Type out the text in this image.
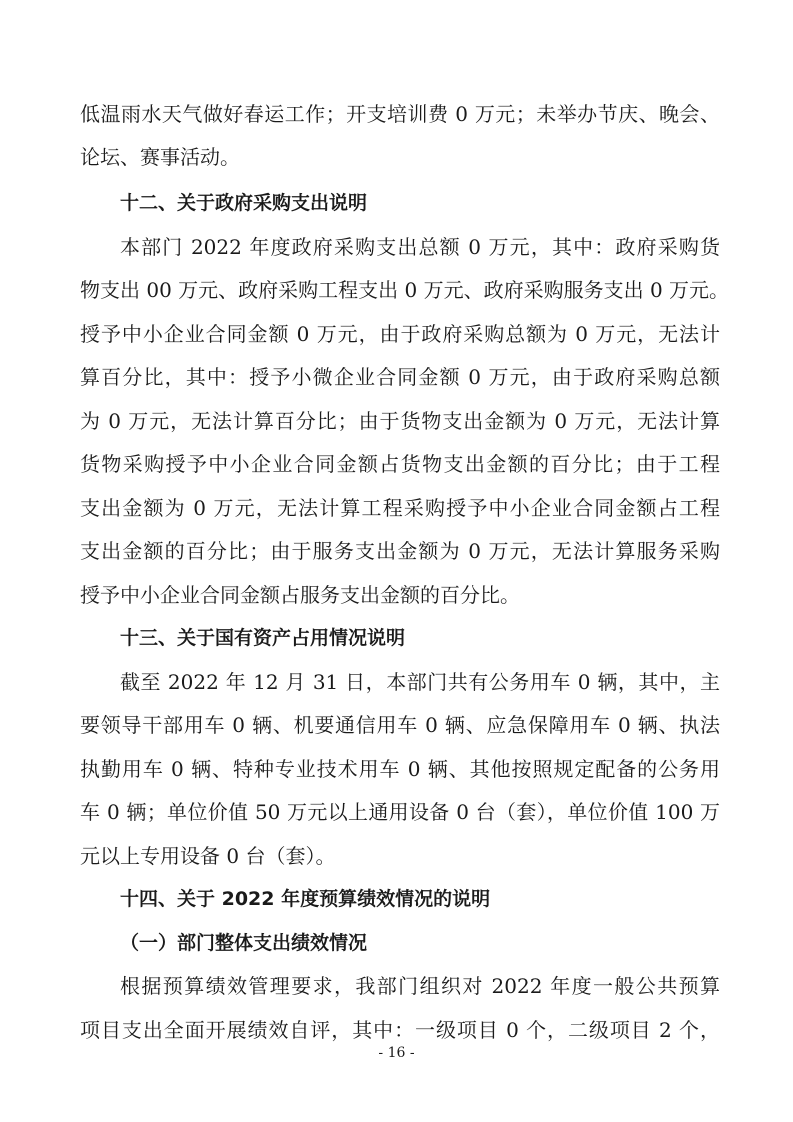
低温雨水天气做好春运工作；开支培训费 0 万元；未举办节庆、晚会、
论坛、赛事活动。
十二、关于政府采购支出说明
本部门 2022 年度政府采购支出总额 0 万元，其中：政府采购货
物支出 00 万元、政府采购工程支出 0 万元、政府采购服务支出 0 万元。
授予中小企业合同金额 0 万元，由于政府采购总额为 0 万元，无法计
算百分比，其中：授予小微企业合同金额 0 万元，由于政府采购总额
为 0 万元，无法计算百分比；由于货物支出金额为 0 万元，无法计算
货物采购授予中小企业合同金额占货物支出金额的百分比；由于工程
支出金额为 0 万元，无法计算工程采购授予中小企业合同金额占工程
支出金额的百分比；由于服务支出金额为 0 万元，无法计算服务采购
授予中小企业合同金额占服务支出金额的百分比。
十三、关于国有资产占用情况说明
截至 2022 年 12 月 31 日，本部门共有公务用车 0 辆，其中，主
要领导干部用车 0 辆、机要通信用车 0 辆、应急保障用车 0 辆、执法
执勤用车 0 辆、特种专业技术用车 0 辆、其他按照规定配备的公务用
车 0 辆；单位价值 50 万元以上通用设备 0 台（套），单位价值 100 万
元以上专用设备 0 台（套）。
十四、关于 2022 年度预算绩效情况的说明
（一）部门整体支出绩效情况
根据预算绩效管理要求，我部门组织对 2022 年度一般公共预算
项目支出全面开展绩效自评，其中：一级项目 0 个，二级项目 2 个，
- 16 -
